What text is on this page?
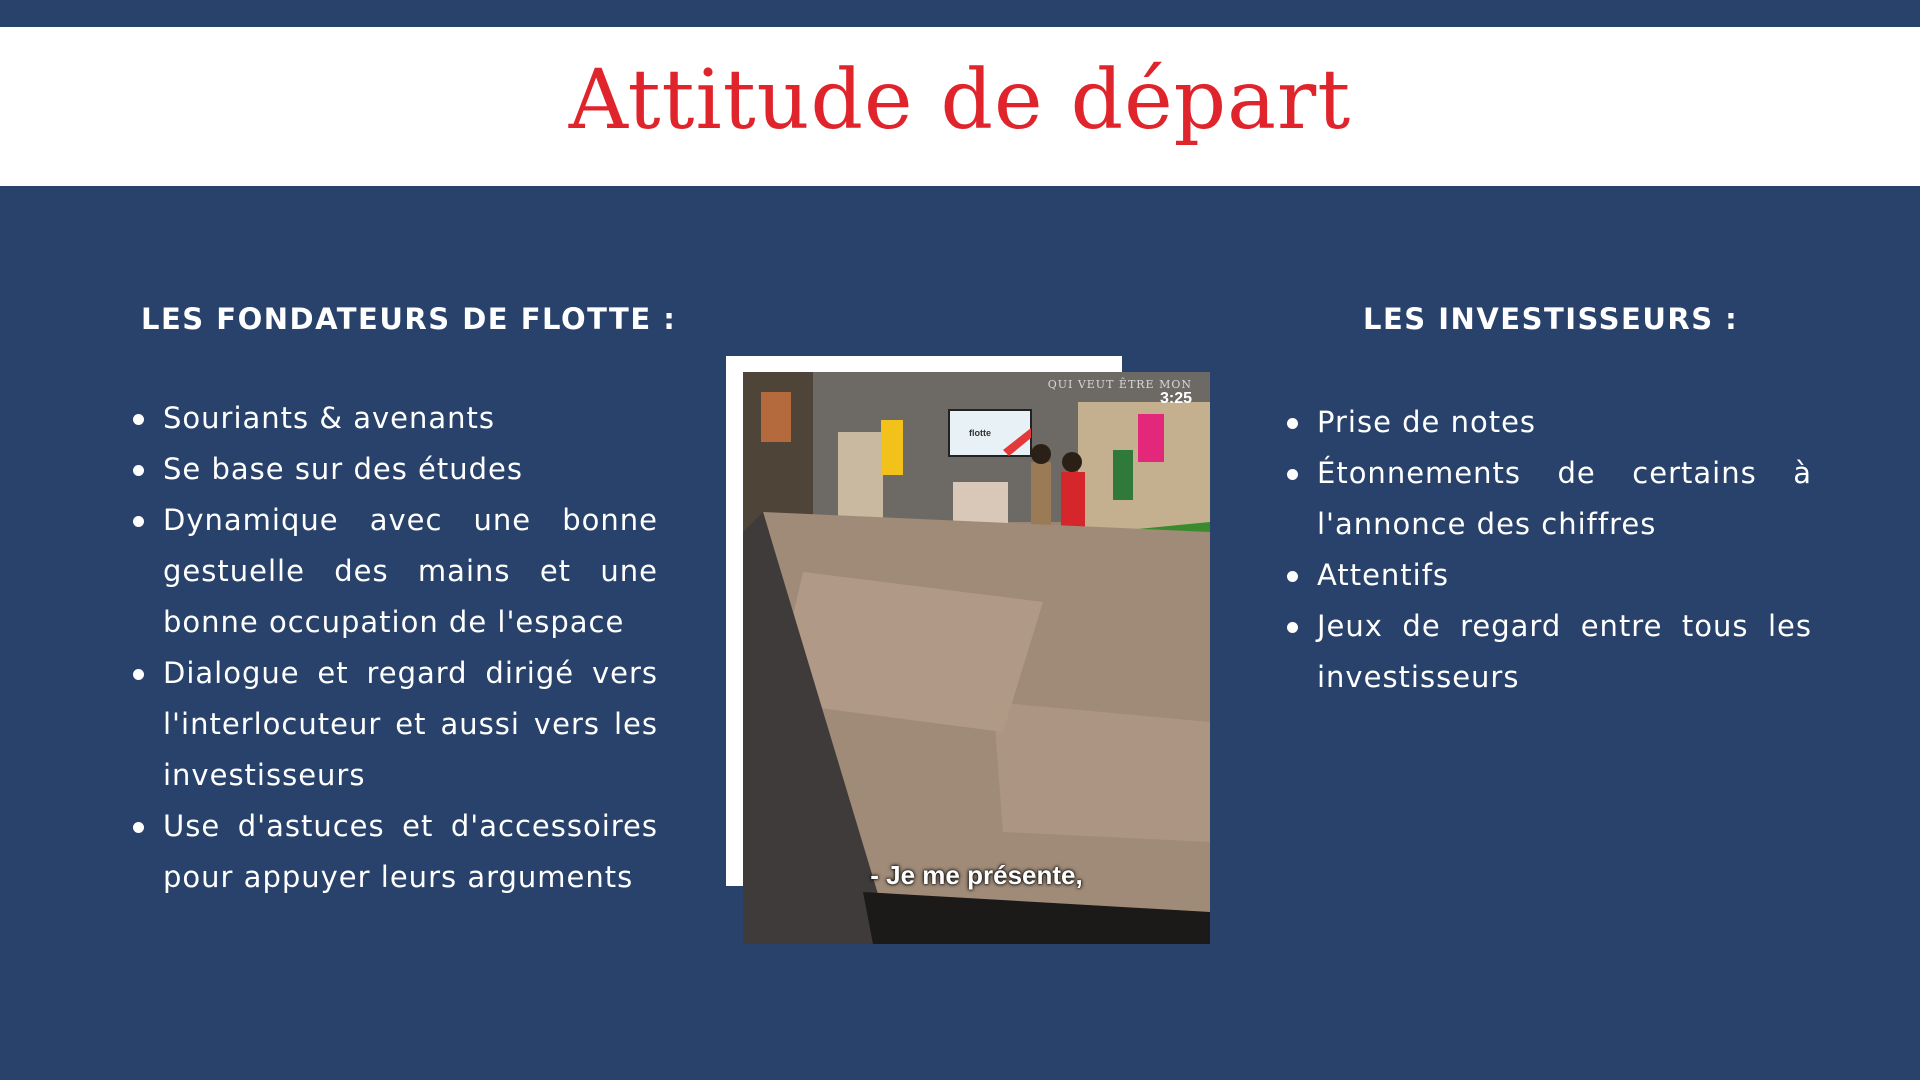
Attitude de départ
LES FONDATEURS DE FLOTTE :
Souriants & avenants
Se base sur des études
Dynamique avec une bonne gestuelle des mains et une bonne occupation de l'espace
Dialogue et regard dirigé vers l'interlocuteur et aussi vers les investisseurs
Use d'astuces et d'accessoires pour appuyer leurs arguments
flotte
QUI VEUT ÊTRE MON
3:25
- Je me présente,
LES INVESTISSEURS :
Prise de notes
Étonnements de certains à l'annonce des chiffres
Attentifs
Jeux de regard entre tous les investisseurs
